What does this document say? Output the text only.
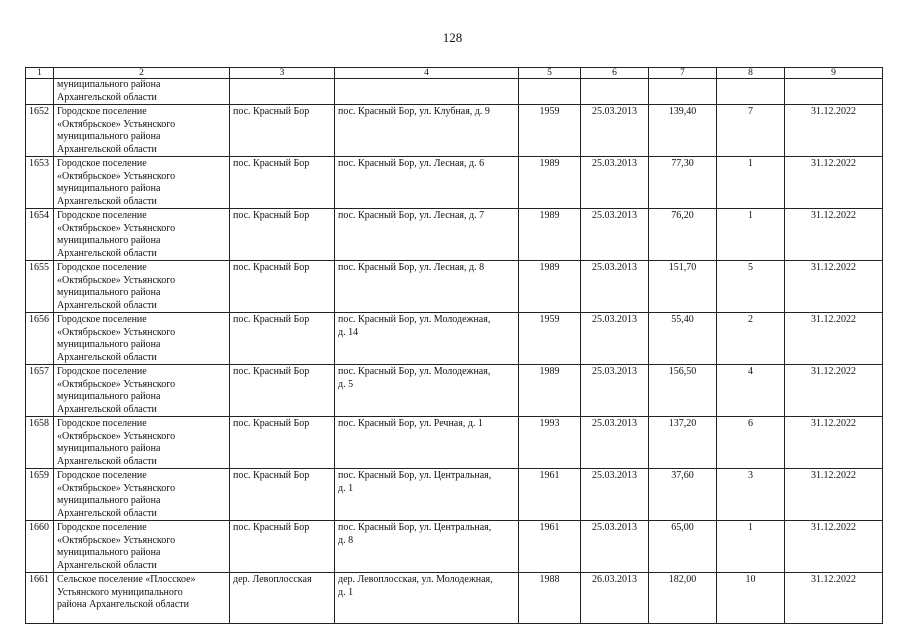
128
1	2	3	4	5	6	7	8	9
	муниципального района
Архангельской области							
1652	Городское поселение
«Октябрьское» Устьянского
муниципального района
Архангельской области	пос. Красный Бор	пос. Красный Бор, ул. Клубная, д. 9	1959	25.03.2013	139,40	7	31.12.2022
1653	Городское поселение
«Октябрьское» Устьянского
муниципального района
Архангельской области	пос. Красный Бор	пос. Красный Бор, ул. Лесная, д. 6	1989	25.03.2013	77,30	1	31.12.2022
1654	Городское поселение
«Октябрьское» Устьянского
муниципального района
Архангельской области	пос. Красный Бор	пос. Красный Бор, ул. Лесная, д. 7	1989	25.03.2013	76,20	1	31.12.2022
1655	Городское поселение
«Октябрьское» Устьянского
муниципального района
Архангельской области	пос. Красный Бор	пос. Красный Бор, ул. Лесная, д. 8	1989	25.03.2013	151,70	5	31.12.2022
1656	Городское поселение
«Октябрьское» Устьянского
муниципального района
Архангельской области	пос. Красный Бор	пос. Красный Бор, ул. Молодежная,
д. 14	1959	25.03.2013	55,40	2	31.12.2022
1657	Городское поселение
«Октябрьское» Устьянского
муниципального района
Архангельской области	пос. Красный Бор	пос. Красный Бор, ул. Молодежная,
д. 5	1989	25.03.2013	156,50	4	31.12.2022
1658	Городское поселение
«Октябрьское» Устьянского
муниципального района
Архангельской области	пос. Красный Бор	пос. Красный Бор, ул. Речная, д. 1	1993	25.03.2013	137,20	6	31.12.2022
1659	Городское поселение
«Октябрьское» Устьянского
муниципального района
Архангельской области	пос. Красный Бор	пос. Красный Бор, ул. Центральная,
д. 1	1961	25.03.2013	37,60	3	31.12.2022
1660	Городское поселение
«Октябрьское» Устьянского
муниципального района
Архангельской области	пос. Красный Бор	пос. Красный Бор, ул. Центральная,
д. 8	1961	25.03.2013	65,00	1	31.12.2022
1661	Сельское поселение «Плосское»
Устьянского муниципального
района Архангельской области	дер. Левоплосская	дер. Левоплосская, ул. Молодежная,
д. 1	1988	26.03.2013	182,00	10	31.12.2022
